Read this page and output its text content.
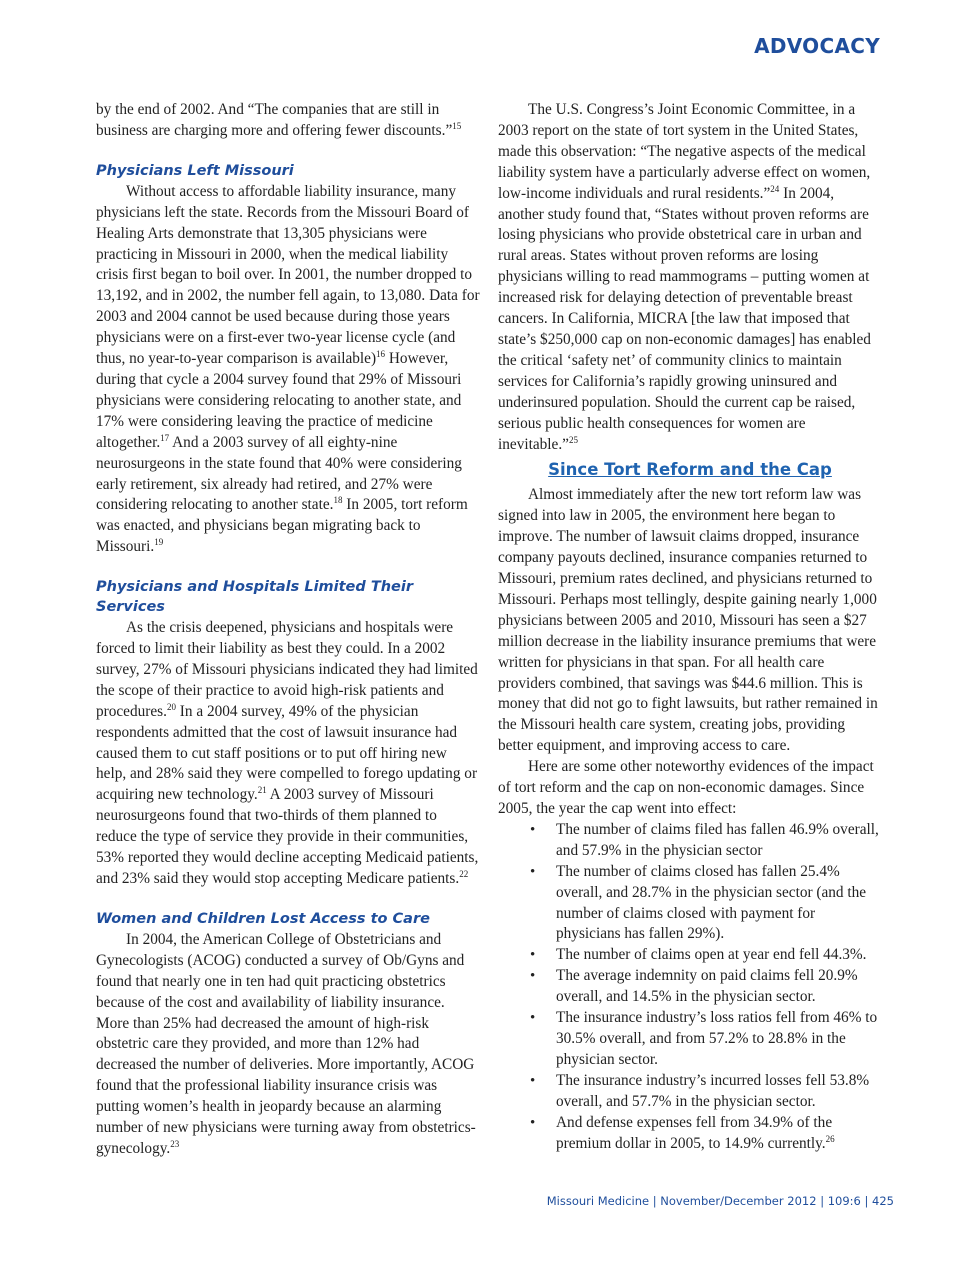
ADVOCACY

by the end of 2002. And “The companies that are still in business are charging more and offering fewer discounts.”$^{15}$

Physicians Left Missouri

Without access to affordable liability insurance, many physicians left the state. Records from the Missouri Board of Healing Arts demonstrate that 13,305 physicians were practicing in Missouri in 2000, when the medical liability crisis first began to boil over. In 2001, the number dropped to 13,192, and in 2002, the number fell again, to 13,080. Data for 2003 and 2004 cannot be used because during those years physicians were on a first-ever two-year license cycle (and thus, no year-to-year comparison is available)$^{16}$ However, during that cycle a 2004 survey found that 29% of Missouri physicians were considering relocating to another state, and 17% were considering leaving the practice of medicine altogether.$^{17}$ And a 2003 survey of all eighty-nine neurosurgeons in the state found that 40% were considering early retirement, six already had retired, and 27% were considering relocating to another state.$^{18}$ In 2005, tort reform was enacted, and physicians began migrating back to Missouri.$^{19}$

Physicians and Hospitals Limited Their Services

As the crisis deepened, physicians and hospitals were forced to limit their liability as best they could. In a 2002 survey, 27% of Missouri physicians indicated they had limited the scope of their practice to avoid high-risk patients and procedures.$^{20}$ In a 2004 survey, 49% of the physician respondents admitted that the cost of lawsuit insurance had caused them to cut staff positions or to put off hiring new help, and 28% said they were compelled to forego updating or acquiring new technology.$^{21}$ A 2003 survey of Missouri neurosurgeons found that two-thirds of them planned to reduce the type of service they provide in their communities, 53% reported they would decline accepting Medicaid patients, and 23% said they would stop accepting Medicare patients.$^{22}$

Women and Children Lost Access to Care

In 2004, the American College of Obstetricians and Gynecologists (ACOG) conducted a survey of Ob/Gyns and found that nearly one in ten had quit practicing obstetrics because of the cost and availability of liability insurance. More than 25% had decreased the amount of high-risk obstetric care they provided, and more than 12% had decreased the number of deliveries. More importantly, ACOG found that the professional liability insurance crisis was putting women’s health in jeopardy because an alarming number of new physicians were turning away from obstetrics-gynecology.$^{23}$

The U.S. Congress’s Joint Economic Committee, in a 2003 report on the state of tort system in the United States, made this observation: “The negative aspects of the medical liability system have a particularly adverse effect on women, low-income individuals and rural residents.”$^{24}$ In 2004, another study found that, “States without proven reforms are losing physicians who provide obstetrical care in urban and rural areas. States without proven reforms are losing physicians willing to read mammograms – putting women at increased risk for delaying detection of preventable breast cancers. In California, MICRA [the law that imposed that state’s $250,000 cap on non-economic damages] has enabled the critical ‘safety net’ of community clinics to maintain services for California’s rapidly growing uninsured and underinsured population. Should the current cap be raised, serious public health consequences for women are inevitable.”$^{25}$

Since Tort Reform and the Cap

Almost immediately after the new tort reform law was signed into law in 2005, the environment here began to improve. The number of lawsuit claims dropped, insurance company payouts declined, insurance companies returned to Missouri, premium rates declined, and physicians returned to Missouri. Perhaps most tellingly, despite gaining nearly 1,000 physicians between 2005 and 2010, Missouri has seen a $27 million decrease in the liability insurance premiums that were written for physicians in that span. For all health care providers combined, that savings was $44.6 million. This is money that did not go to fight lawsuits, but rather remained in the Missouri health care system, creating jobs, providing better equipment, and improving access to care.

Here are some other noteworthy evidences of the impact of tort reform and the cap on non-economic damages. Since 2005, the year the cap went into effect:

• The number of claims filed has fallen 46.9% overall, and 57.9% in the physician sector
• The number of claims closed has fallen 25.4% overall, and 28.7% in the physician sector (and the number of claims closed with payment for physicians has fallen 29%).
• The number of claims open at year end fell 44.3%.
• The average indemnity on paid claims fell 20.9% overall, and 14.5% in the physician sector.
• The insurance industry’s loss ratios fell from 46% to 30.5% overall, and from 57.2% to 28.8% in the physician sector.
• The insurance industry’s incurred losses fell 53.8% overall, and 57.7% in the physician sector.
• And defense expenses fell from 34.9% of the premium dollar in 2005, to 14.9% currently.$^{26}$
Missouri Medicine | November/December 2012 | 109:6 | 425
